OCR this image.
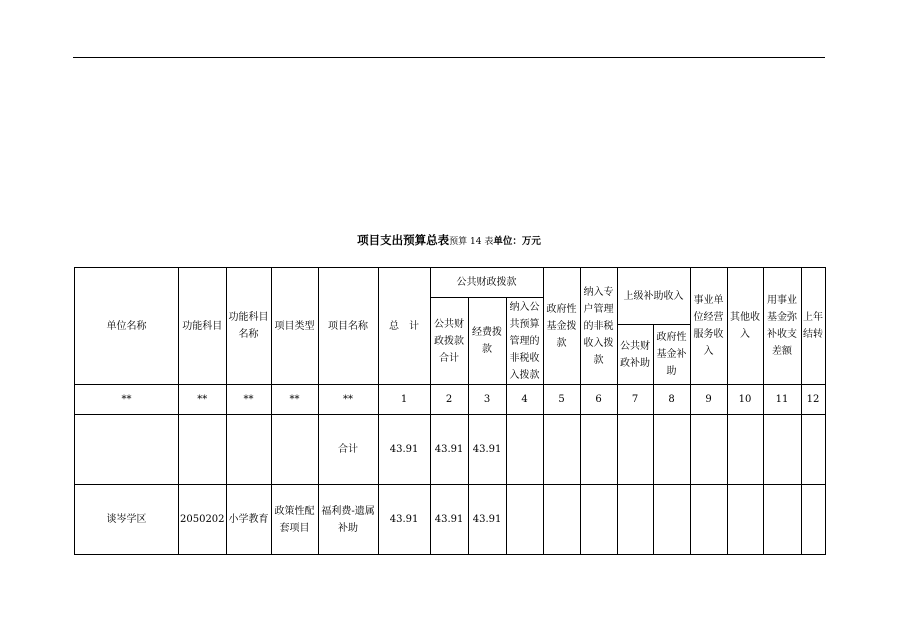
项目支出预算总表预算 14 表单位：万元
单位名称	功能科目	功能科目名称	项目类型	项目名称	总　计	公共财政拨款			政府性基金拨款	纳入专户管理的非税收入拨款	上级补助收入		事业单位经营服务收入	其他收入	用事业基金弥补收支差额	上年结转
						公共财政拨款合计	经费拨款	纳入公共预算管理的非税收入拨款								
											公共财政补助	政府性基金补助				
**	**	**	**	**	1	2	3	4	5	6	7	8	9	10	11	12
				合计	43.91	43.91	43.91									
谈岑学区	2050202	小学教育	政策性配套项目	福利费-遗属补助	43.91	43.91	43.91									
